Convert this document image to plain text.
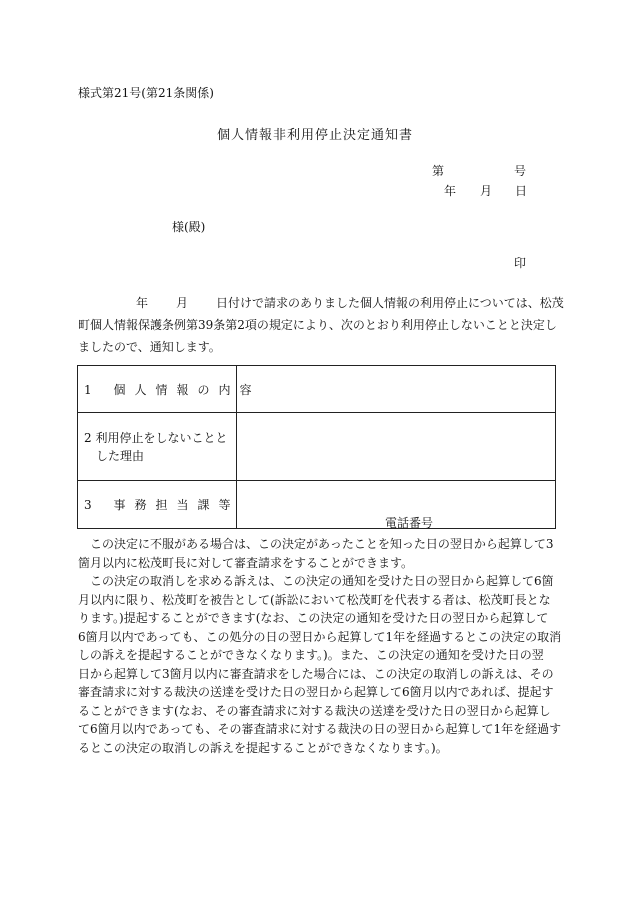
様式第21号(第21条関係)
個人情報非利用停止決定通知書
第	号
年 月 日
様(殿)
印

年 月 日付けで請求のありました個人情報の利用停止については、松茂

町個人情報保護条例第39条第2項の規定により、次のとおり利用停止しないことと決定し

ましたので、通知します。

1 個人情報の内容
2 利用停止をしないことと
した理由
3 事務担当課等
電話番号

　この決定に不服がある場合は、この決定があったことを知った日の翌日から起算して3

箇月以内に松茂町長に対して審査請求をすることができます。

　この決定の取消しを求める訴えは、この決定の通知を受けた日の翌日から起算して6箇

月以内に限り、松茂町を被告として(訴訟において松茂町を代表する者は、松茂町長とな

ります。)提起することができます(なお、この決定の通知を受けた日の翌日から起算して

6箇月以内であっても、この処分の日の翌日から起算して1年を経過するとこの決定の取消

しの訴えを提起することができなくなります。)。また、この決定の通知を受けた日の翌

日から起算して3箇月以内に審査請求をした場合には、この決定の取消しの訴えは、その

審査請求に対する裁決の送達を受けた日の翌日から起算して6箇月以内であれば、提起す

ることができます(なお、その審査請求に対する裁決の送達を受けた日の翌日から起算し

て6箇月以内であっても、その審査請求に対する裁決の日の翌日から起算して1年を経過す

るとこの決定の取消しの訴えを提起することができなくなります。)。
